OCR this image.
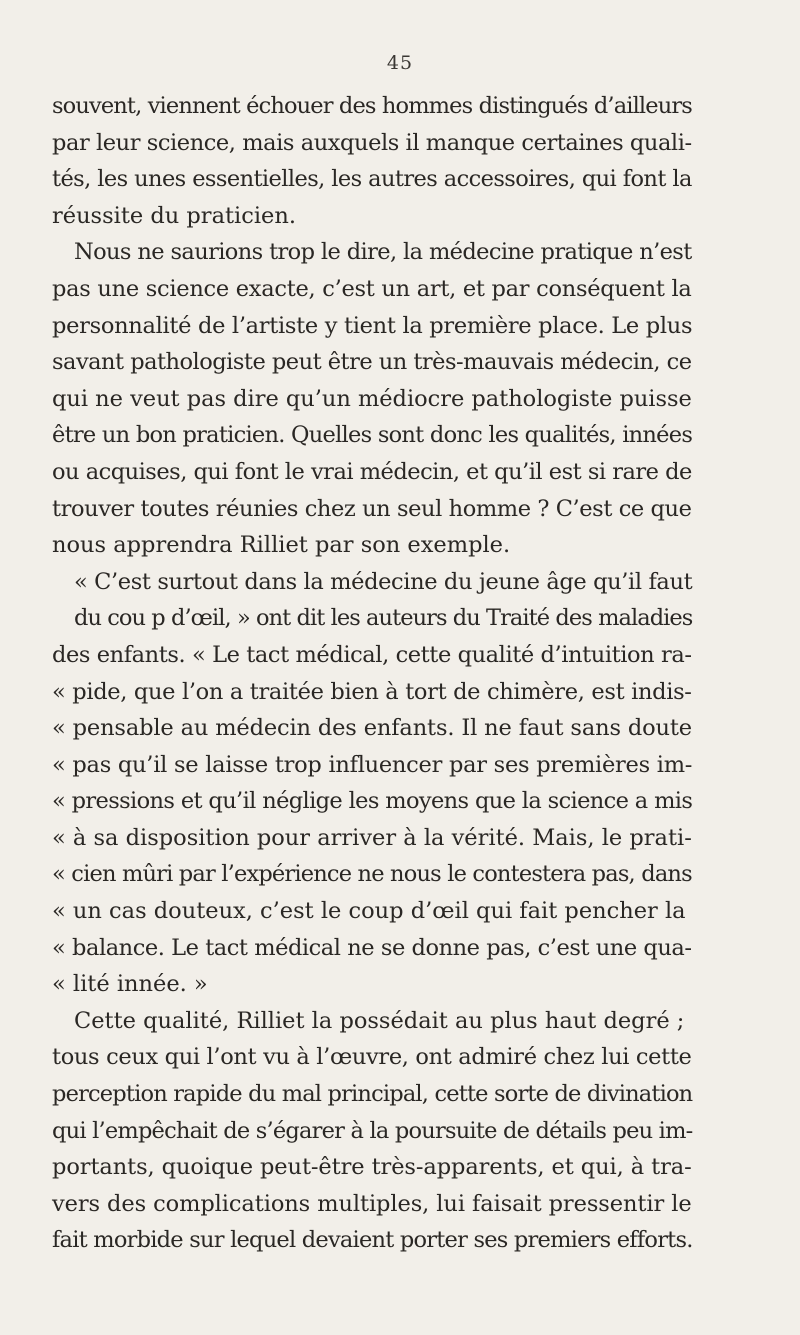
45
souvent, viennent échouer des hommes distingués d’ailleurs
par leur science, mais auxquels il manque certaines quali-
tés, les unes essentielles, les autres accessoires, qui font la
réussite du praticien.
Nous ne saurions trop le dire, la médecine pratique n’est
pas une science exacte, c’est un art, et par conséquent la
personnalité de l’artiste y tient la première place. Le plus
savant pathologiste peut être un très-mauvais médecin, ce
qui ne veut pas dire qu’un médiocre pathologiste puisse
être un bon praticien. Quelles sont donc les qualités, innées
ou acquises, qui font le vrai médecin, et qu’il est si rare de
trouver toutes réunies chez un seul homme ? C’est ce que
nous apprendra Rilliet par son exemple.
« C’est surtout dans la médecine du jeune âge qu’il faut
du cou p d’œil, » ont dit les auteurs du Traité des maladies
des enfants. « Le tact médical, cette qualité d’intuition ra-
« pide, que l’on a traitée bien à tort de chimère, est indis-
« pensable au médecin des enfants. Il ne faut sans doute
« pas qu’il se laisse trop influencer par ses premières im-
« pressions et qu’il néglige les moyens que la science a mis
« à sa disposition pour arriver à la vérité. Mais, le prati-
« cien mûri par l’expérience ne nous le contestera pas, dans
« un cas douteux, c’est le coup d’œil qui fait pencher la
« balance. Le tact médical ne se donne pas, c’est une qua-
« lité innée. »
Cette qualité, Rilliet la possédait au plus haut degré ;
tous ceux qui l’ont vu à l’œuvre, ont admiré chez lui cette
perception rapide du mal principal, cette sorte de divination
qui l’empêchait de s’égarer à la poursuite de détails peu im-
portants, quoique peut-être très-apparents, et qui, à tra-
vers des complications multiples, lui faisait pressentir le
fait morbide sur lequel devaient porter ses premiers efforts.
